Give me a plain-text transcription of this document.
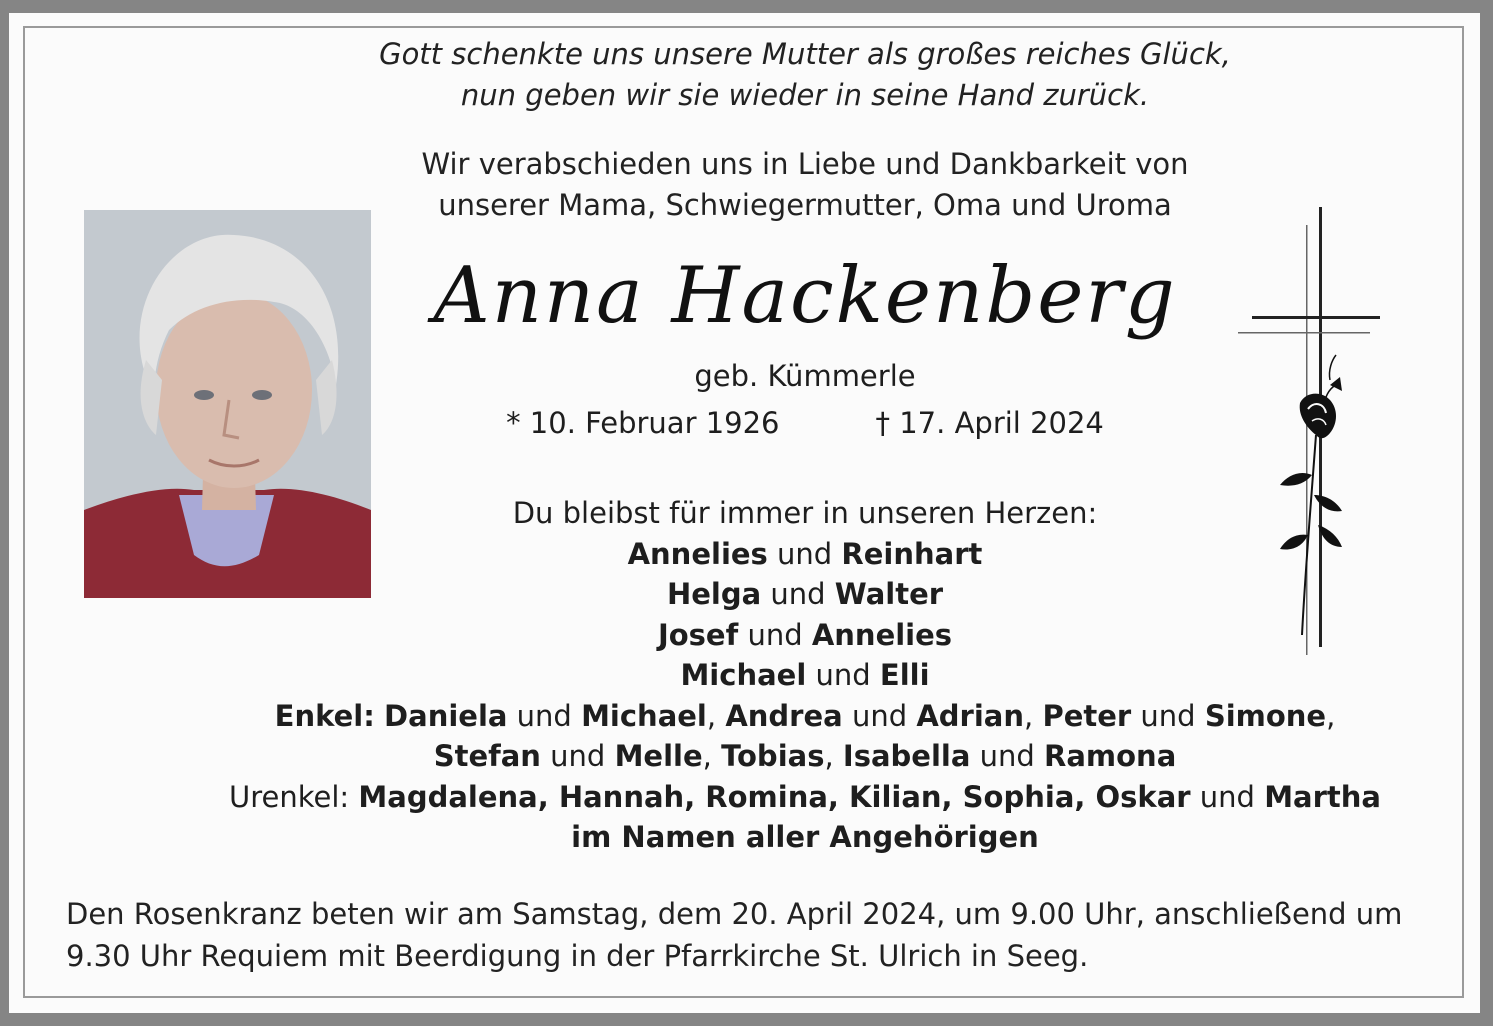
Gott schenkte uns unsere Mutter als großes reiches Glück,
nun geben wir sie wieder in seine Hand zurück.
Wir verabschieden uns in Liebe und Dankbarkeit von
unserer Mama, Schwiegermutter, Oma und Uroma
Anna Hackenberg
geb. Kümmerle
* 10. Februar 1926	† 17. April 2024
Du bleibst für immer in unseren Herzen:
Annelies und Reinhart
Helga und Walter
Josef und Annelies
Michael und Elli
Enkel: Daniela und Michael, Andrea und Adrian, Peter und Simone,
Stefan und Melle, Tobias, Isabella und Ramona
Urenkel: Magdalena, Hannah, Romina, Kilian, Sophia, Oskar und Martha
im Namen aller Angehörigen
Den Rosenkranz beten wir am Samstag, dem 20. April 2024, um 9.00 Uhr, anschließend um
9.30 Uhr Requiem mit Beerdigung in der Pfarrkirche St. Ulrich in Seeg.
